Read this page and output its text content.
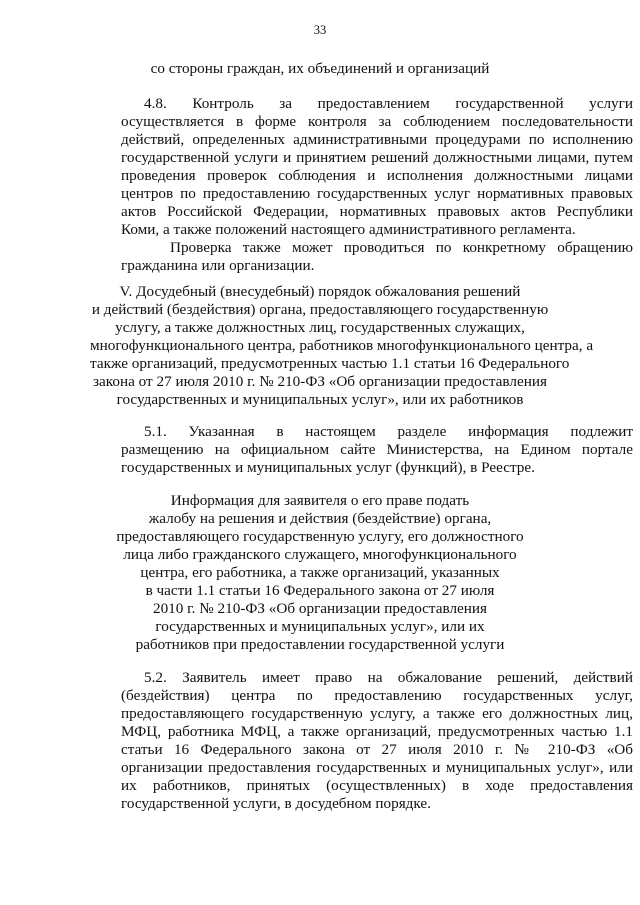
33
со стороны граждан, их объединений и организаций
4.8. Контроль за предоставлением государственной услуги
осуществляется в форме контроля за соблюдением последовательности
действий, определенных административными процедурами по исполнению
государственной услуги и принятием решений должностными лицами, путем
проведения проверок соблюдения и исполнения должностными лицами
центров по предоставлению государственных услуг нормативных правовых
актов Российской Федерации, нормативных правовых актов Республики
Коми, а также положений настоящего административного регламента.
Проверка также может проводиться по конкретному обращению
гражданина или организации.
V. Досудебный (внесудебный) порядок обжалования решений
и действий (бездействия) органа, предоставляющего государственную
услугу, а также должностных лиц, государственных служащих,
многофункционального центра, работников многофункционального центра, а
также организаций, предусмотренных частью 1.1 статьи 16 Федерального
закона от 27 июля 2010 г. № 210-ФЗ «Об организации предоставления
государственных и муниципальных услуг», или их работников
5.1. Указанная в настоящем разделе информация подлежит
размещению на официальном сайте Министерства, на Едином портале
государственных и муниципальных услуг (функций), в Реестре.
Информация для заявителя о его праве подать
жалобу на решения и действия (бездействие) органа,
предоставляющего государственную услугу, его должностного
лица либо гражданского служащего, многофункционального
центра, его работника, а также организаций, указанных
в части 1.1 статьи 16 Федерального закона от 27 июля
2010 г. № 210-ФЗ «Об организации предоставления
государственных и муниципальных услуг», или их
работников при предоставлении государственной услуги
5.2. Заявитель имеет право на обжалование решений, действий
(бездействия) центра по предоставлению государственных услуг,
предоставляющего государственную услугу, а также его должностных лиц,
МФЦ, работника МФЦ, а также организаций, предусмотренных частью 1.1
статьи 16 Федерального закона от 27 июля 2010 г. № 210-ФЗ «Об
организации предоставления государственных и муниципальных услуг», или
их работников, принятых (осуществленных) в ходе предоставления
государственной услуги, в досудебном порядке.
